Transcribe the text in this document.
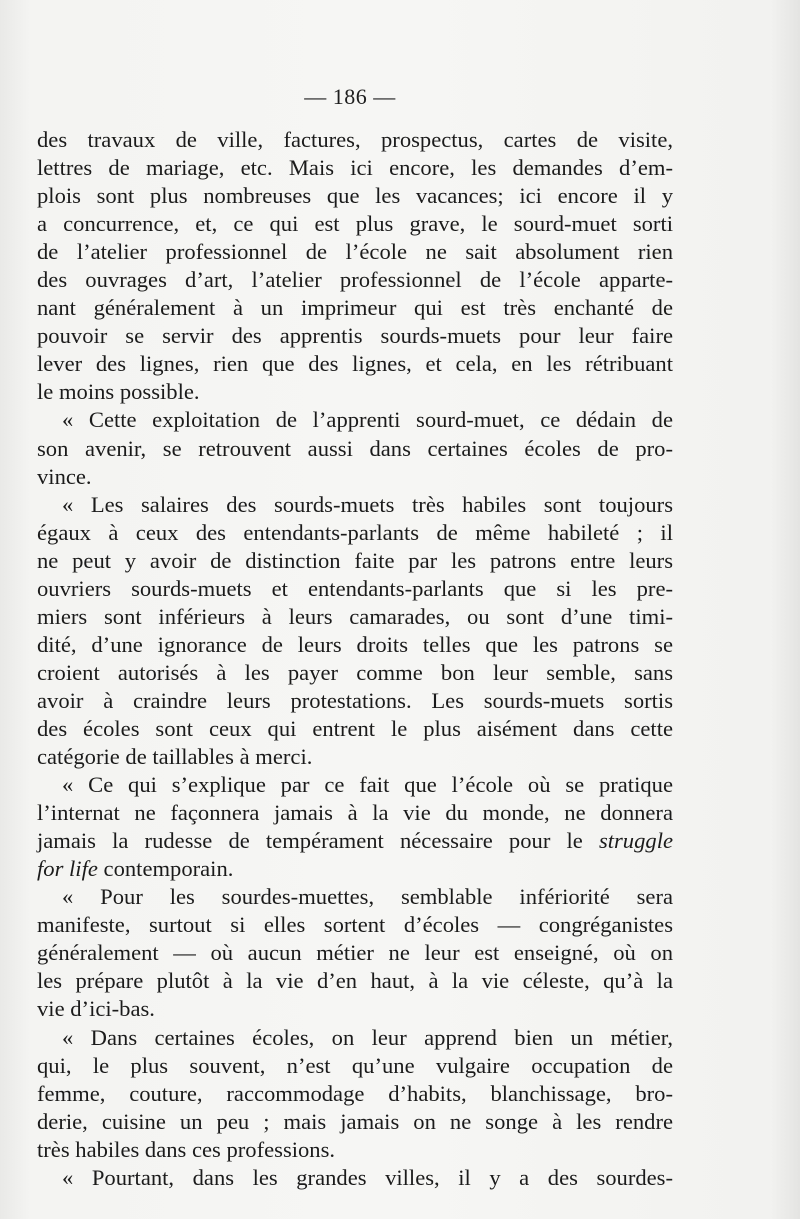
— 186 —
des travaux de ville, factures, prospectus, cartes de visite,
lettres de mariage, etc. Mais ici encore, les demandes d’em-
plois sont plus nombreuses que les vacances; ici encore il y
a concurrence, et, ce qui est plus grave, le sourd-muet sorti
de l’atelier professionnel de l’école ne sait absolument rien
des ouvrages d’art, l’atelier professionnel de l’école apparte-
nant généralement à un imprimeur qui est très enchanté de
pouvoir se servir des apprentis sourds-muets pour leur faire
lever des lignes, rien que des lignes, et cela, en les rétribuant
le moins possible.
« Cette exploitation de l’apprenti sourd-muet, ce dédain de
son avenir, se retrouvent aussi dans certaines écoles de pro-
vince.
« Les salaires des sourds-muets très habiles sont toujours
égaux à ceux des entendants-parlants de même habileté ; il
ne peut y avoir de distinction faite par les patrons entre leurs
ouvriers sourds-muets et entendants-parlants que si les pre-
miers sont inférieurs à leurs camarades, ou sont d’une timi-
dité, d’une ignorance de leurs droits telles que les patrons se
croient autorisés à les payer comme bon leur semble, sans
avoir à craindre leurs protestations. Les sourds-muets sortis
des écoles sont ceux qui entrent le plus aisément dans cette
catégorie de taillables à merci.
« Ce qui s’explique par ce fait que l’école où se pratique
l’internat ne façonnera jamais à la vie du monde, ne donnera
jamais la rudesse de tempérament nécessaire pour le struggle
for life contemporain.
« Pour les sourdes-muettes, semblable infériorité sera
manifeste, surtout si elles sortent d’écoles — congréganistes
généralement — où aucun métier ne leur est enseigné, où on
les prépare plutôt à la vie d’en haut, à la vie céleste, qu’à la
vie d’ici-bas.
« Dans certaines écoles, on leur apprend bien un métier,
qui, le plus souvent, n’est qu’une vulgaire occupation de
femme, couture, raccommodage d’habits, blanchissage, bro-
derie, cuisine un peu ; mais jamais on ne songe à les rendre
très habiles dans ces professions.
« Pourtant, dans les grandes villes, il y a des sourdes-
